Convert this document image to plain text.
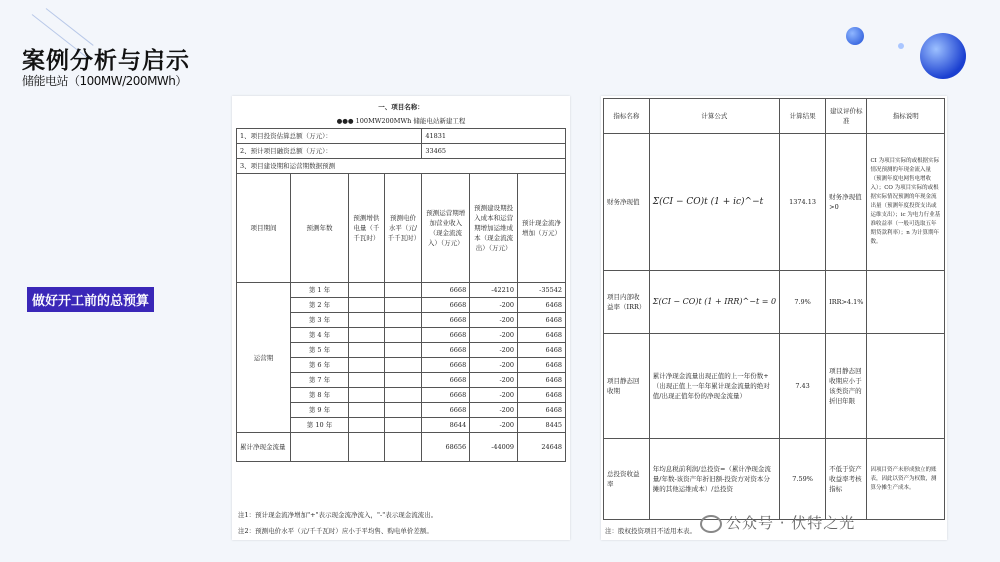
案例分析与启示
储能电站（100MW/200MWh）
做好开工前的总预算
一、项目名称：						
●●● 100MW200MWh 储能电站新建工程						
1、项目投资估算总额（万元）：				41831		
2、预计项目融资总额（万元）：				33465		
3、项目建设期和运营期数据预测						
项目期间	预测年数	预测增供电量（千千瓦时）	预测电价水平（元/千千瓦时）	预测运营期增加营业收入（现金流流入）（万元）	预测建设期投入成本和运营期增加运维成本（现金流流出）（万元）	预计现金流净增加（万元）
运营期	第 1 年			6668	-42210	-35542
	第 2 年			6668	-200	6468
	第 3 年			6668	-200	6468
	第 4 年			6668	-200	6468
	第 5 年			6668	-200	6468
	第 6 年			6668	-200	6468
	第 7 年			6668	-200	6468
	第 8 年			6668	-200	6468
	第 9 年			6668	-200	6468
	第 10 年			8644	-200	8445
累计净现金流量				68656	-44009	24648
注1：预计现金流净增加"+"表示现金流净流入，"-"表示现金流流出。
注2：预测电价水平（元/千千瓦时）应小于平均售、购电单价差额。
指标名称	计算公式	计算结果	建议评价标准	指标说明
财务净现值	Σ(CI − CO)t (1 + ic)^−t	1374.13	财务净现值>0	CI 为项目实际的或根据实际情况预测的年现金流入量（预测年度电网售电增收入）；CO 为项目实际的或根据实际情况预测的年现金流出量（预测年度投资支出或运维支出）；ic 为电力行业基准收益率（一般可选取五年期贷款利率）；n 为计算期年数。
项目内部收益率（IRR）	Σ(CI − CO)t (1 + IRR)^−t = 0	7.9%	IRR>4.1%	
项目静态回收期	累计净现金流量出现正值的上一年份数+（出现正值上一年年累计现金流量的绝对值/出现正值年份的净现金流量）	7.43	项目静态回收期应小于该类资产的折旧年限	
总投资收益率	年均息税前利润/总投资=（累计净现金流量/年数-该资产年折旧额-投资方对资本分摊的其他运维成本）/总投资	7.59%	不低于资产收益率考核指标	因项目资产未形成独立的账表，因此以资产为权数，测算分摊生产成本。
注：股权投资项目不适用本表。	公众号 · 伏特之光
